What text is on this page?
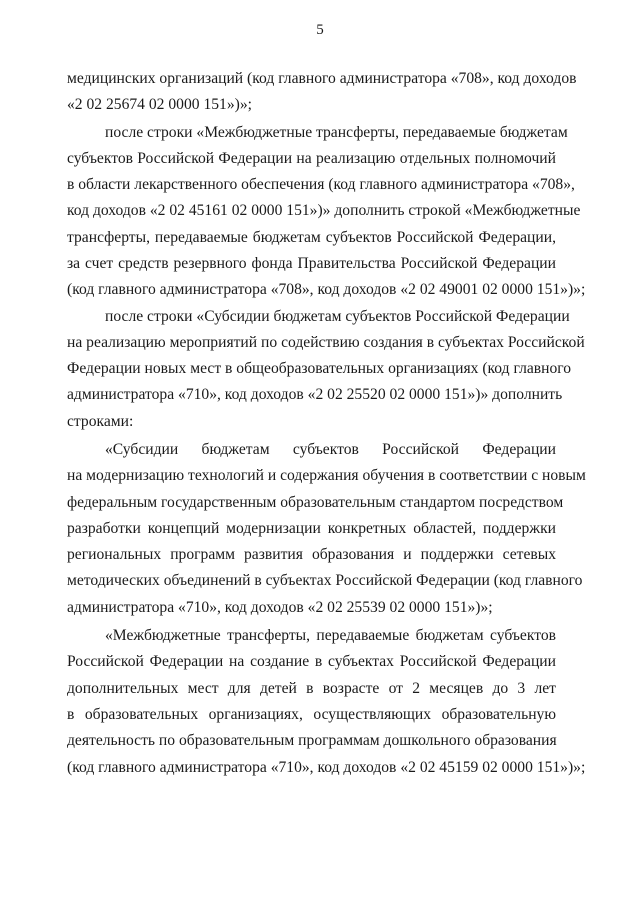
5
медицинских организаций (код главного администратора «708», код доходов
«2 02 25674 02 0000 151»)»;
после строки «Межбюджетные трансферты, передаваемые бюджетам
субъектов Российской Федерации на реализацию отдельных полномочий
в области лекарственного обеспечения (код главного администратора «708»,
код доходов «2 02 45161 02 0000 151»)» дополнить строкой «Межбюджетные
трансферты, передаваемые бюджетам субъектов Российской Федерации,
за счет средств резервного фонда Правительства Российской Федерации
(код главного администратора «708», код доходов «2 02 49001 02 0000 151»)»;
после строки «Субсидии бюджетам субъектов Российской Федерации
на реализацию мероприятий по содействию создания в субъектах Российской
Федерации новых мест в общеобразовательных организациях (код главного
администратора «710», код доходов «2 02 25520 02 0000 151»)» дополнить
строками:
«Субсидии бюджетам субъектов Российской Федерации
на модернизацию технологий и содержания обучения в соответствии с новым
федеральным государственным образовательным стандартом посредством
разработки концепций модернизации конкретных областей, поддержки
региональных программ развития образования и поддержки сетевых
методических объединений в субъектах Российской Федерации (код главного
администратора «710», код доходов «2 02 25539 02 0000 151»)»;
«Межбюджетные трансферты, передаваемые бюджетам субъектов
Российской Федерации на создание в субъектах Российской Федерации
дополнительных мест для детей в возрасте от 2 месяцев до 3 лет
в образовательных организациях, осуществляющих образовательную
деятельность по образовательным программам дошкольного образования
(код главного администратора «710», код доходов «2 02 45159 02 0000 151»)»;
